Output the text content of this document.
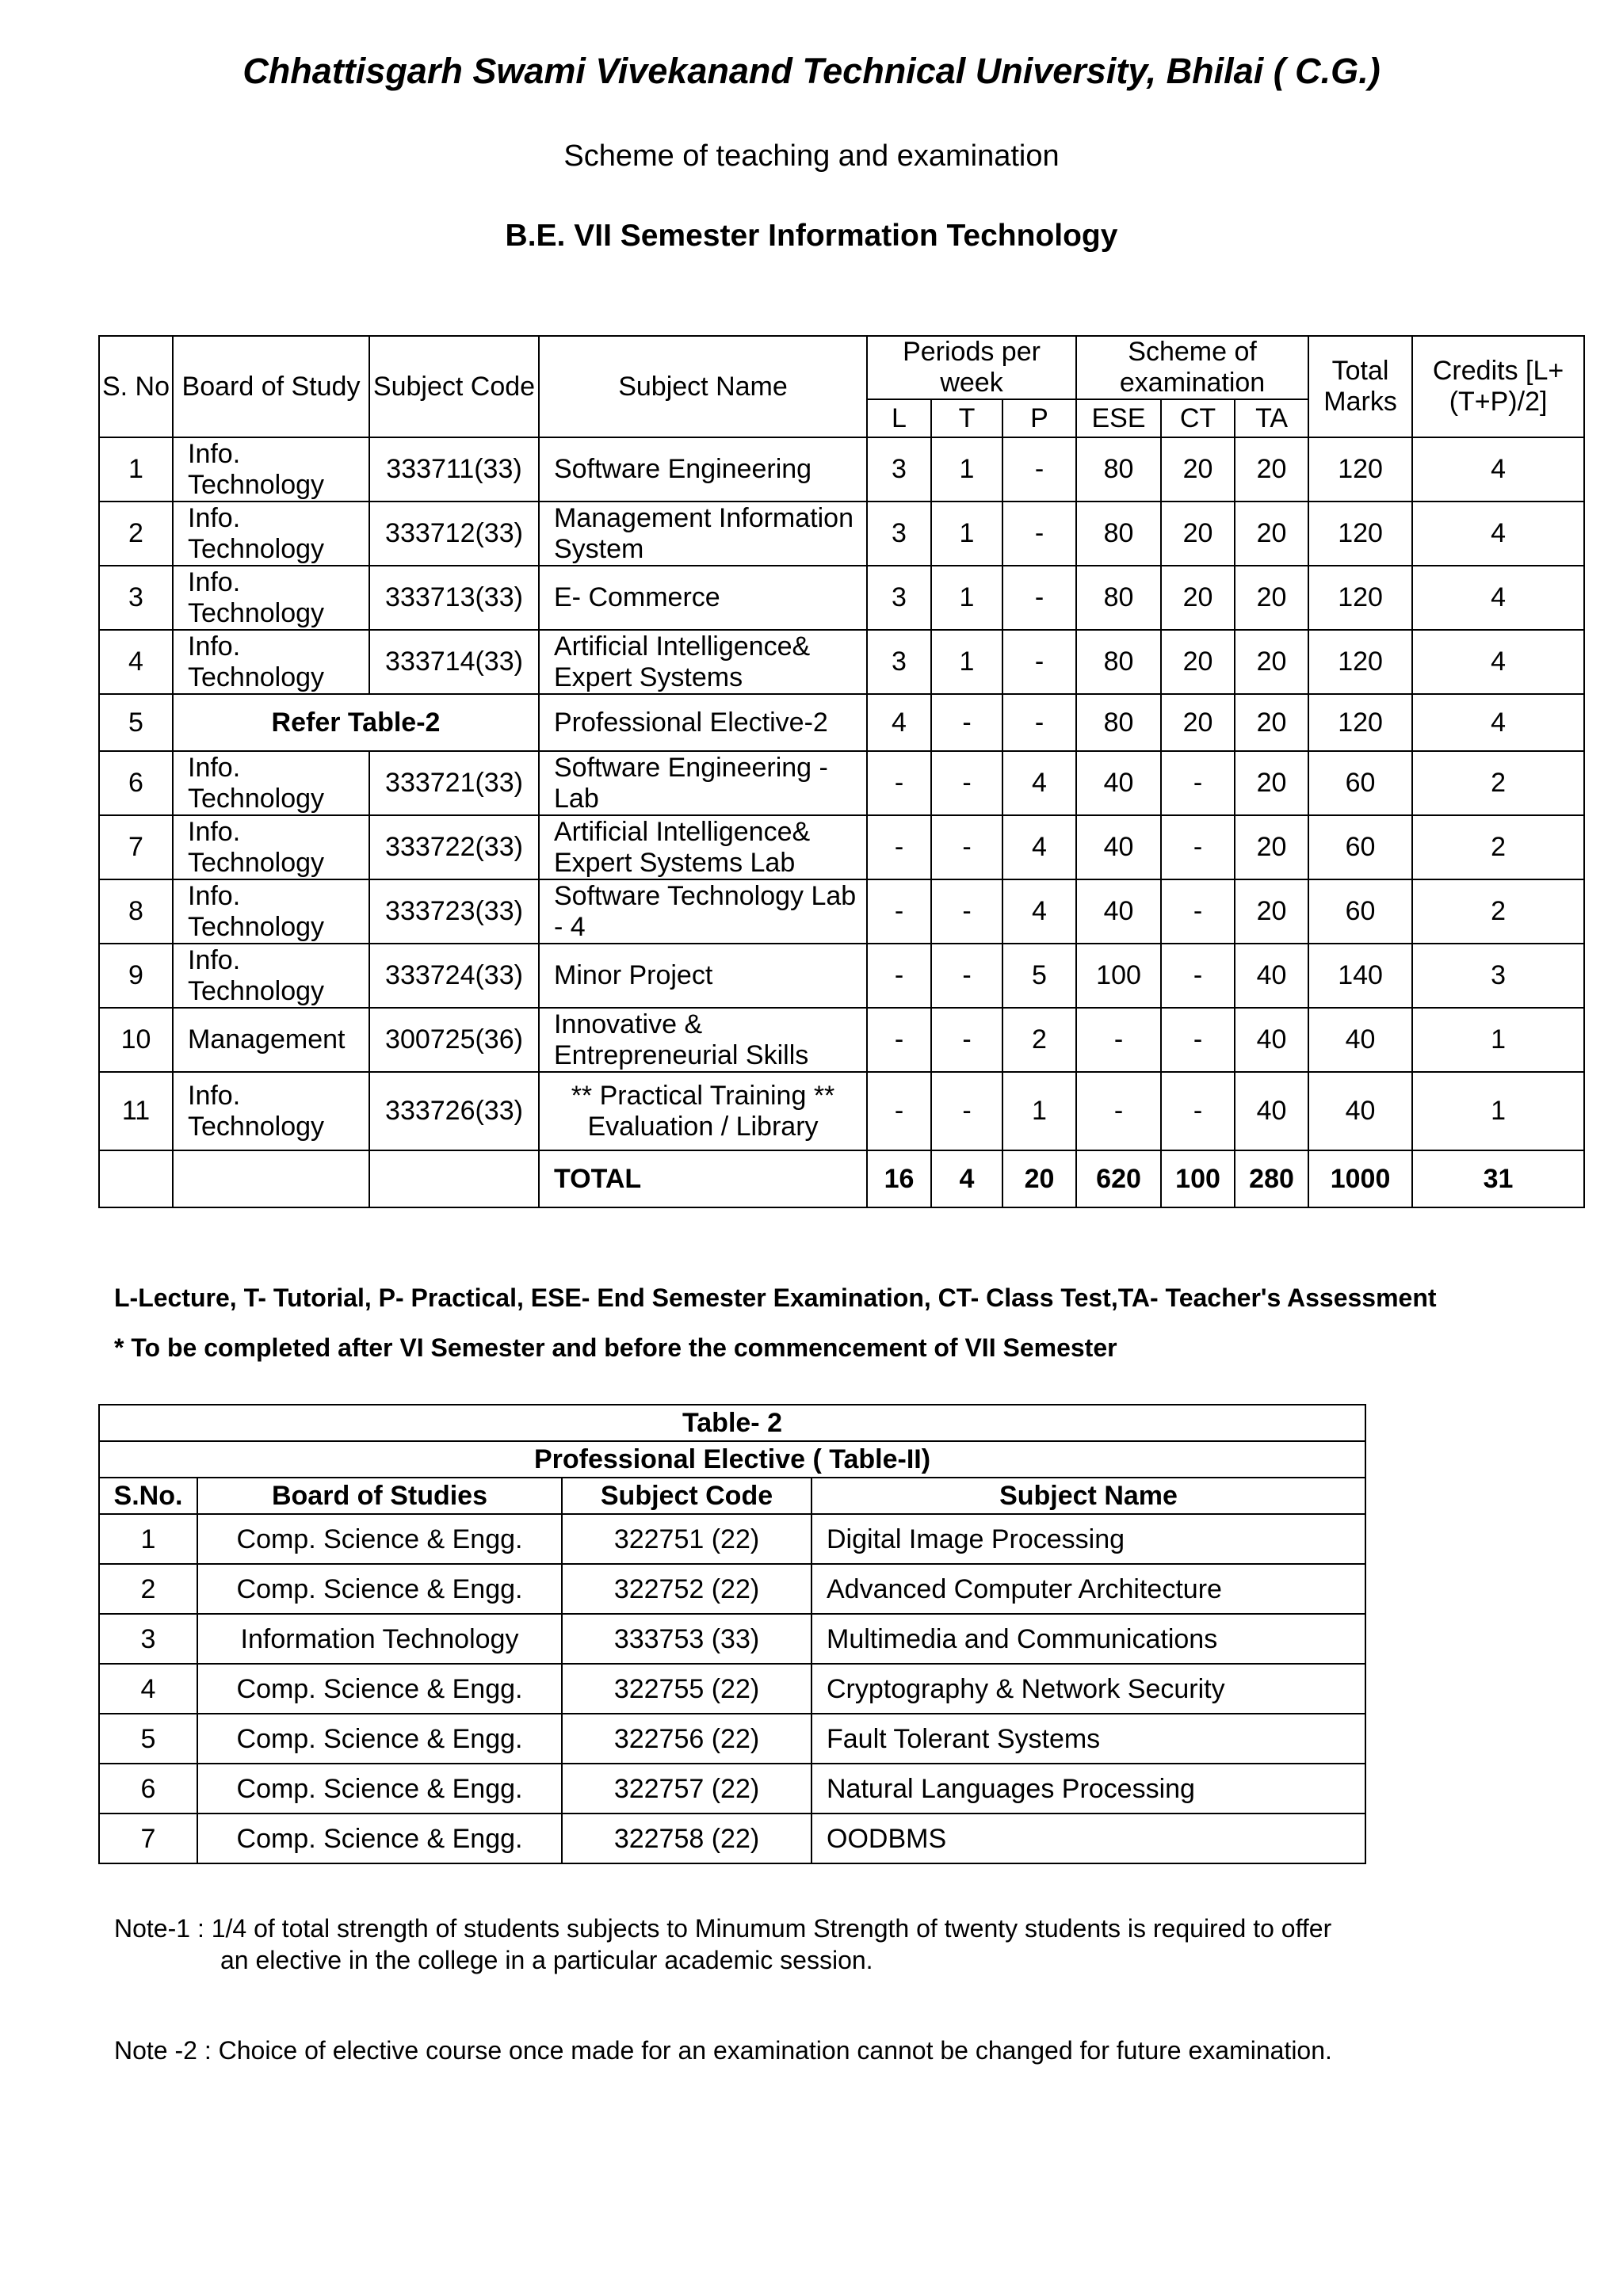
Chhattisgarh Swami Vivekanand Technical University, Bhilai ( C.G.)
Scheme of teaching and examination
B.E. VII Semester Information Technology
S. No	Board of Study	Subject Code	Subject Name	Periods per week			Scheme of examination			Total Marks	Credits [L+(T+P)/2]
				L	T	P	ESE	CT	TA		
1	Info. Technology	333711(33)	Software Engineering	3	1	-	80	20	20	120	4
2	Info. Technology	333712(33)	Management Information System	3	1	-	80	20	20	120	4
3	Info. Technology	333713(33)	E- Commerce	3	1	-	80	20	20	120	4
4	Info. Technology	333714(33)	Artificial Intelligence& Expert Systems	3	1	-	80	20	20	120	4
5	Refer Table-2		Professional Elective-2	4	-	-	80	20	20	120	4
6	Info. Technology	333721(33)	Software Engineering - Lab	-	-	4	40	-	20	60	2
7	Info. Technology	333722(33)	Artificial Intelligence& Expert Systems Lab	-	-	4	40	-	20	60	2
8	Info. Technology	333723(33)	Software Technology Lab - 4	-	-	4	40	-	20	60	2
9	Info. Technology	333724(33)	Minor Project	-	-	5	100	-	40	140	3
10	Management	300725(36)	Innovative & Entrepreneurial Skills	-	-	2	-	-	40	40	1
11	Info. Technology	333726(33)	** Practical Training ** Evaluation / Library	-	-	1	-	-	40	40	1
			TOTAL	16	4	20	620	100	280	1000	31
L-Lecture, T- Tutorial, P- Practical, ESE- End Semester Examination, CT- Class Test,TA- Teacher's Assessment
* To be completed after VI Semester and before the commencement of VII Semester
Table- 2			
Professional Elective ( Table-II)			
S.No.	Board of Studies	Subject Code	Subject Name
1	Comp. Science & Engg.	322751 (22)	Digital Image Processing
2	Comp. Science & Engg.	322752 (22)	Advanced Computer Architecture
3	Information Technology	333753 (33)	Multimedia and Communications
4	Comp. Science & Engg.	322755 (22)	Cryptography & Network Security
5	Comp. Science & Engg.	322756 (22)	Fault Tolerant Systems
6	Comp. Science & Engg.	322757 (22)	Natural Languages Processing
7	Comp. Science & Engg.	322758 (22)	OODBMS
Note-1 : 1/4 of total strength of students subjects to Minumum Strength of twenty students is required to offer
an elective in the college in a particular academic session.
Note -2 : Choice of elective course once made for an examination cannot be changed for future examination.
